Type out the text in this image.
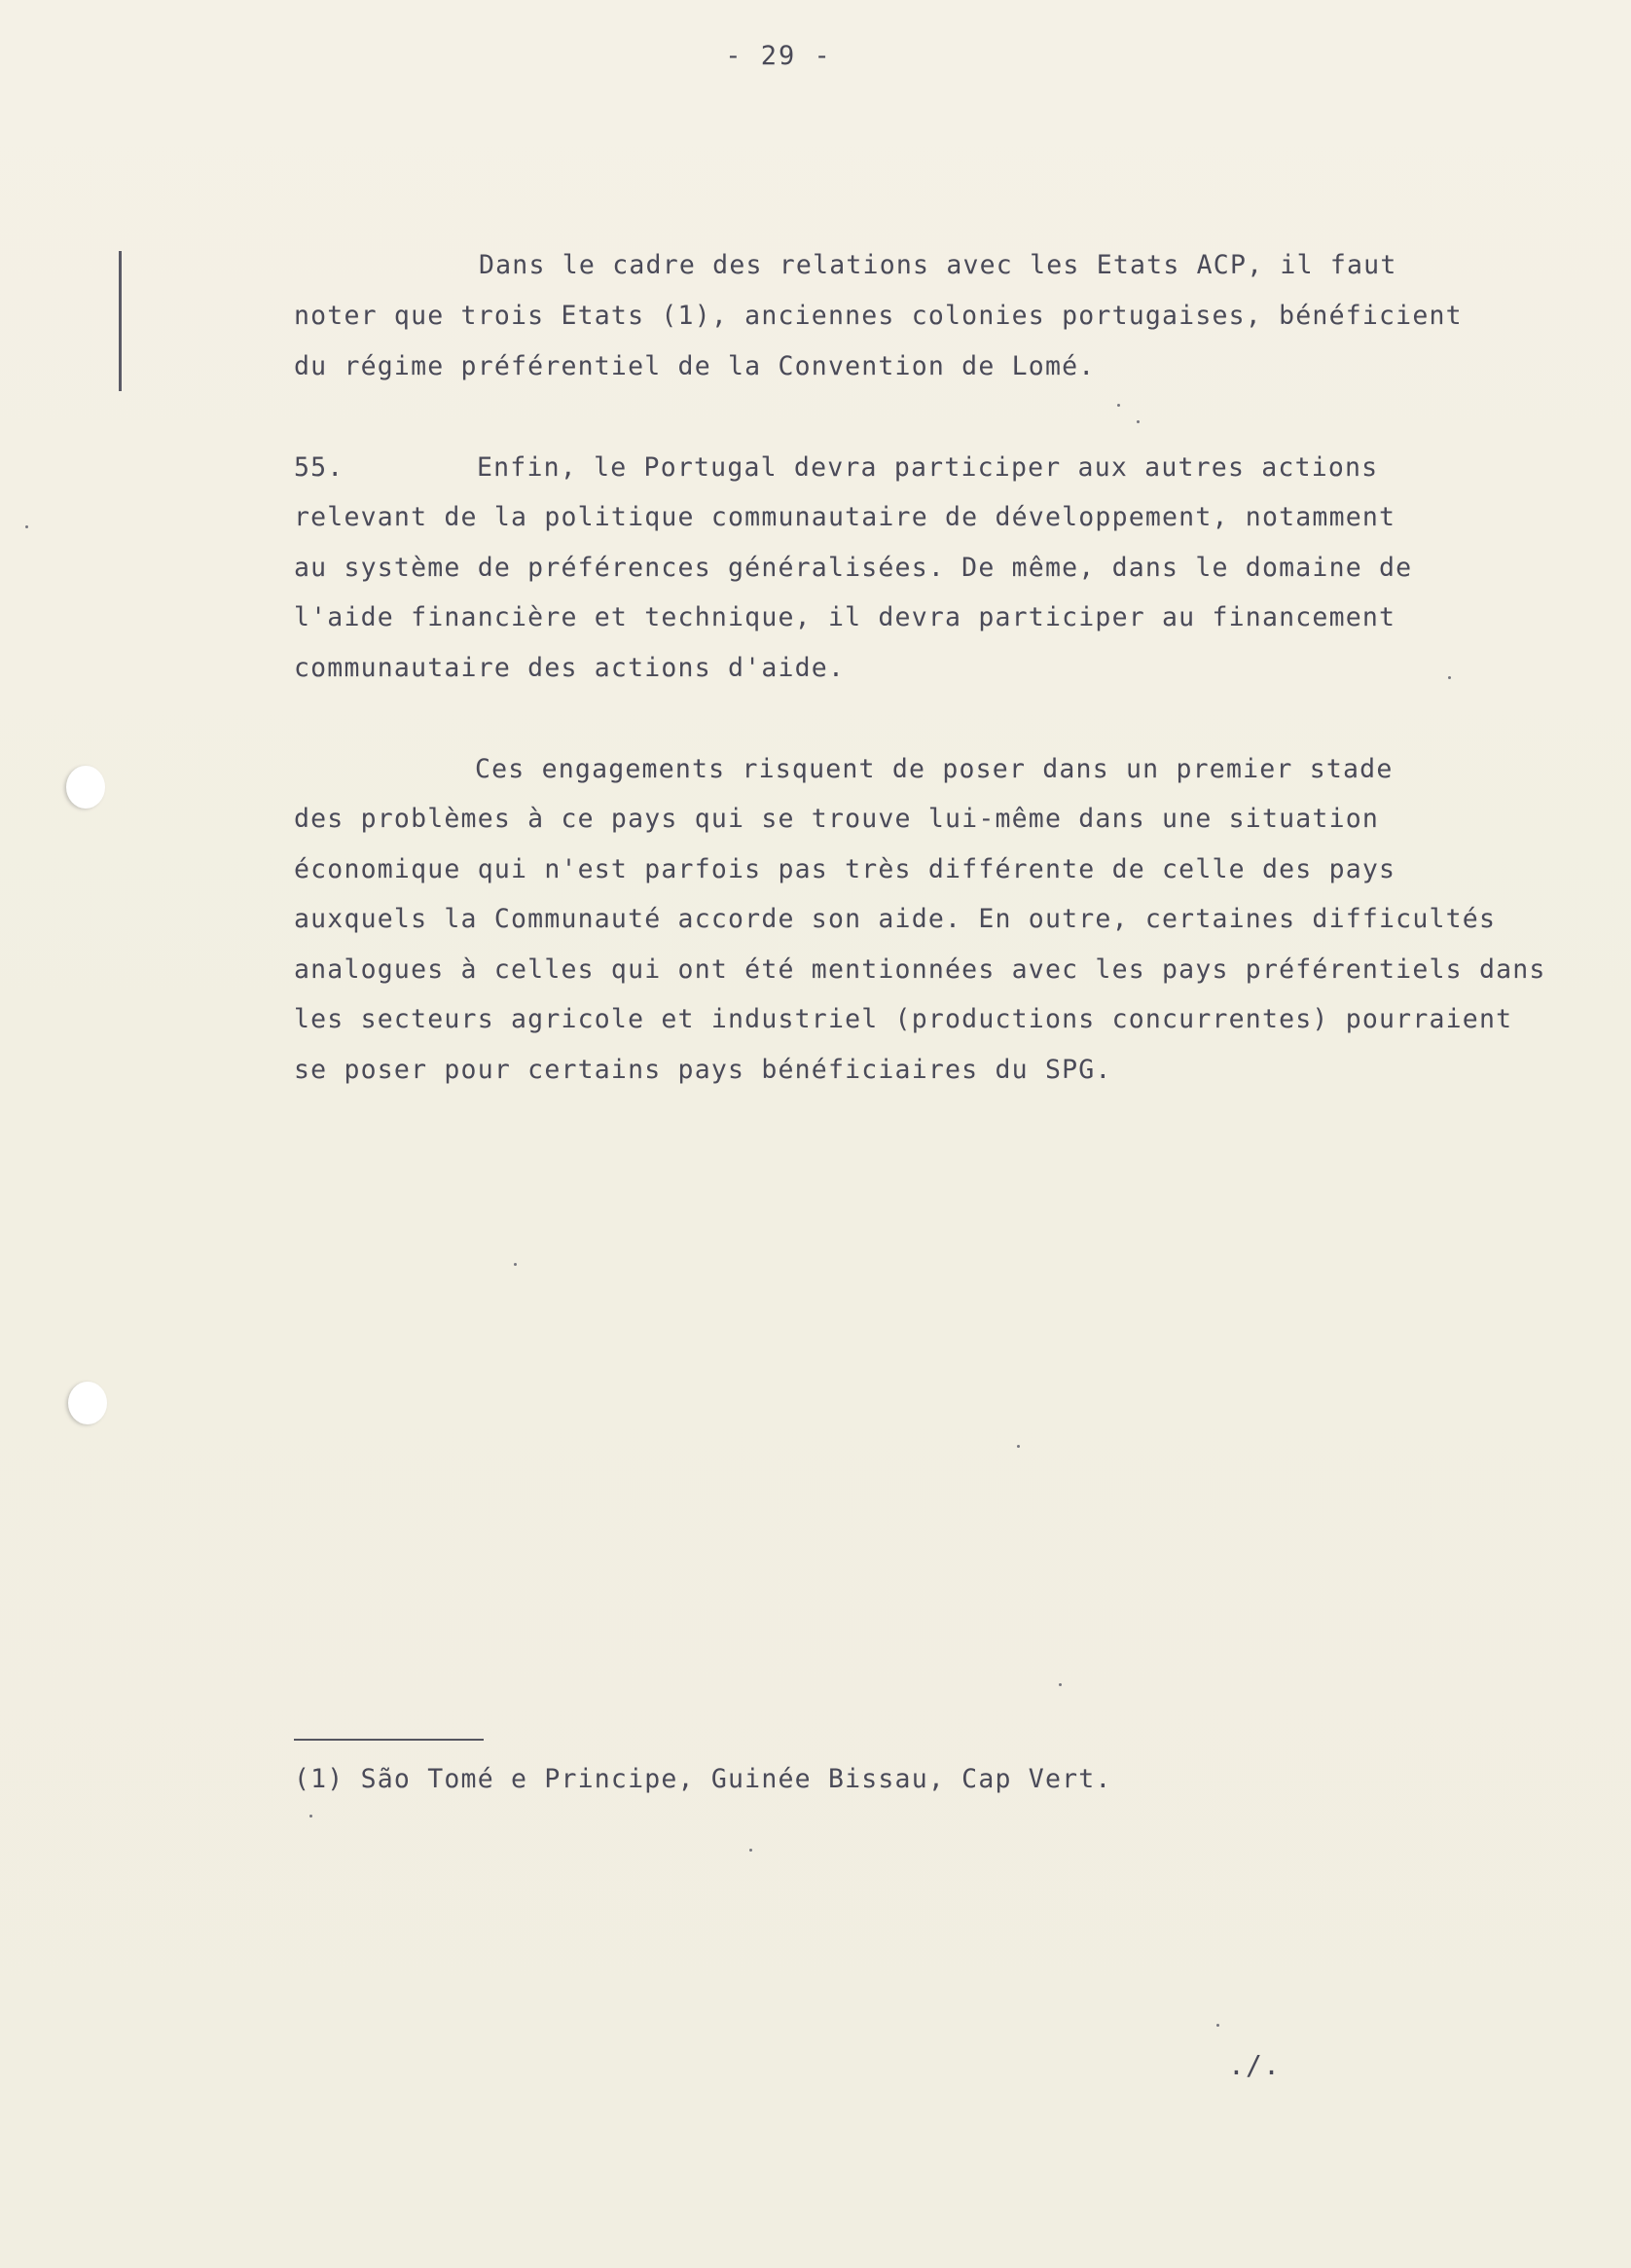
- 29 -
Dans le cadre des relations avec les Etats ACP, il faut
noter que trois Etats (1), anciennes colonies portugaises, bénéficient
du régime préférentiel de la Convention de Lomé.
55.	Enfin, le Portugal devra participer aux autres actions
relevant de la politique communautaire de développement, notamment
au système de préférences généralisées. De même, dans le domaine de
l'aide financière et technique, il devra participer au financement
communautaire des actions d'aide.
Ces engagements risquent de poser dans un premier stade
des problèmes à ce pays qui se trouve lui-même dans une situation
économique qui n'est parfois pas très différente de celle des pays
auxquels la Communauté accorde son aide. En outre, certaines difficultés
analogues à celles qui ont été mentionnées avec les pays préférentiels dans
les secteurs agricole et industriel (productions concurrentes) pourraient
se poser pour certains pays bénéficiaires du SPG.
(1) São Tomé e Principe, Guinée Bissau, Cap Vert.
./.
